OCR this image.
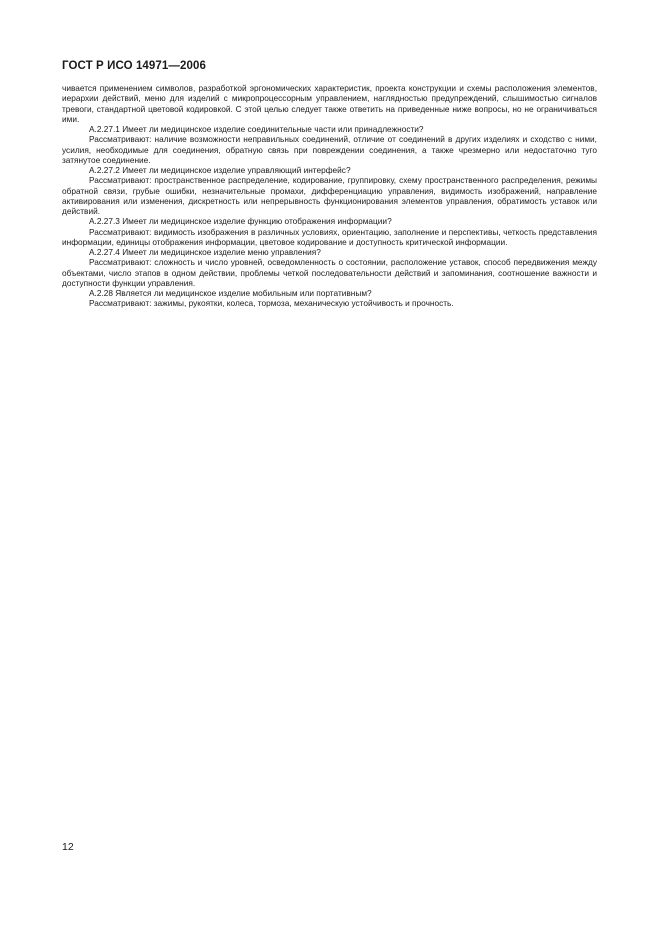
ГОСТ Р ИСО 14971—2006

чивается применением символов, разработкой эргономических характеристик, проекта конструкции и схемы расположения элементов, иерархии действий, меню для изделий с микропроцессорным управлением, наглядностью предупреждений, слышимостью сигналов тревоги, стандартной цветовой кодировкой. С этой целью следует также ответить на приведенные ниже вопросы, но не ограничиваться ими.

А.2.27.1 Имеет ли медицинское изделие соединительные части или принадлежности?

Рассматривают: наличие возможности неправильных соединений, отличие от соединений в других изделиях и сходство с ними, усилия, необходимые для соединения, обратную связь при повреждении соединения, а также чрезмерно или недостаточно туго затянутое соединение.

А.2.27.2 Имеет ли медицинское изделие управляющий интерфейс?

Рассматривают: пространственное распределение, кодирование, группировку, схему пространственного распределения, режимы обратной связи, грубые ошибки, незначительные промахи, дифференциацию управления, видимость изображений, направление активирования или изменения, дискретность или непрерывность функционирования элементов управления, обратимость уставок или действий.

А.2.27.3 Имеет ли медицинское изделие функцию отображения информации?

Рассматривают: видимость изображения в различных условиях, ориентацию, заполнение и перспективы, четкость представления информации, единицы отображения информации, цветовое кодирование и доступность критической информации.

А.2.27.4 Имеет ли медицинское изделие меню управления?

Рассматривают: сложность и число уровней, осведомленность о состоянии, расположение уставок, способ передвижения между объектами, число этапов в одном действии, проблемы четкой последовательности действий и запоминания, соотношение важности и доступности функции управления.

А.2.28 Является ли медицинское изделие мобильным или портативным?

Рассматривают: зажимы, рукоятки, колеса, тормоза, механическую устойчивость и прочность.

12
